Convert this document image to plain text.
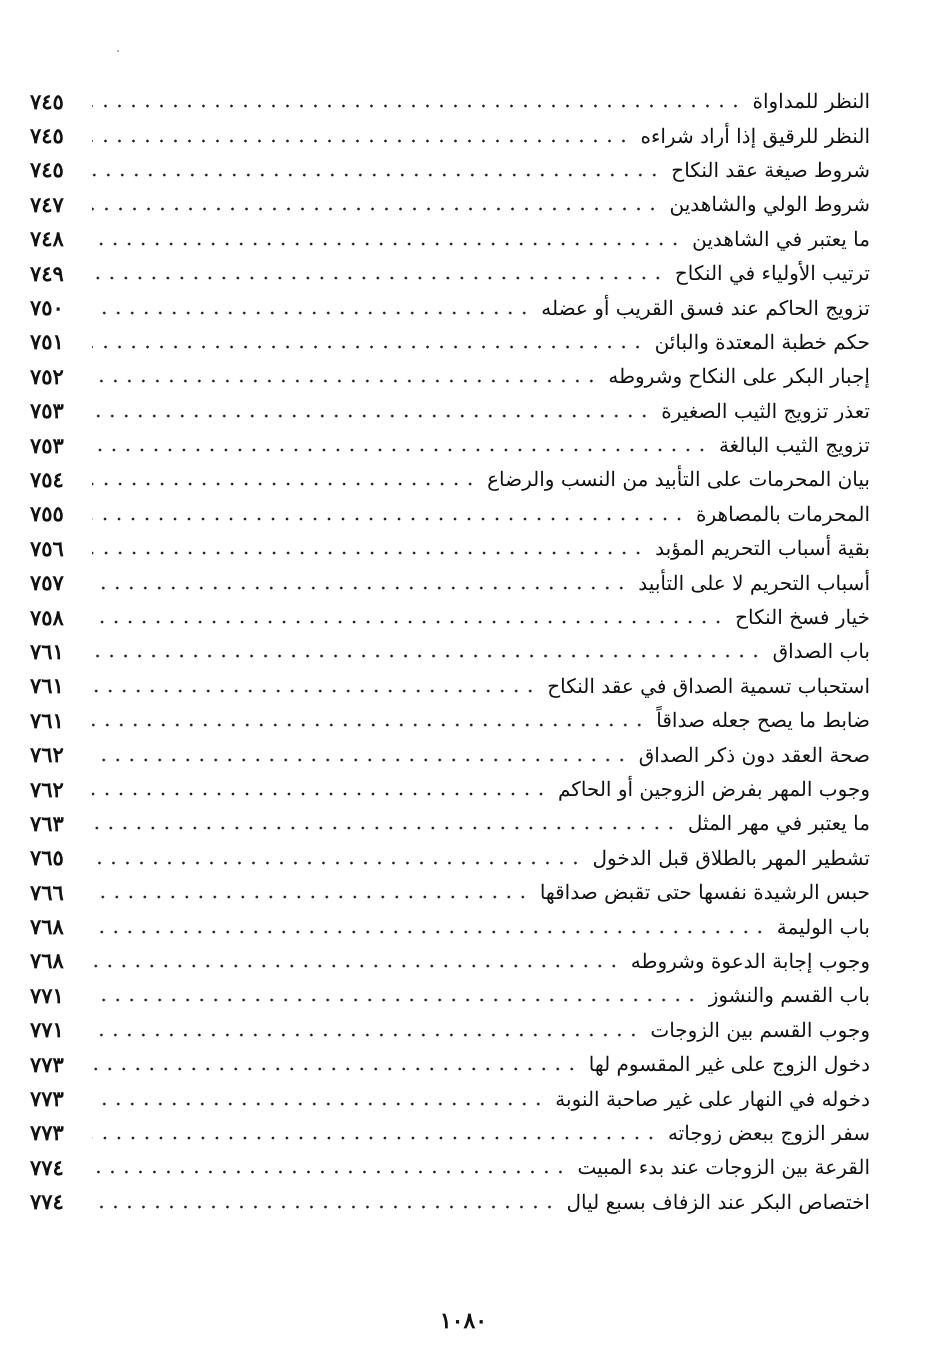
النظر للمداواة
٧٤٥
النظر للرقيق إذا أراد شراءه
٧٤٥
شروط صيغة عقد النكاح
٧٤٥
شروط الولي والشاهدين
٧٤٧
ما يعتبر في الشاهدين
٧٤٨
ترتيب الأولياء في النكاح
٧٤٩
تزويج الحاكم عند فسق القريب أو عضله
٧٥٠
حكم خطبة المعتدة والبائن
٧٥١
إجبار البكر على النكاح وشروطه
٧٥٢
تعذر تزويج الثيب الصغيرة
٧٥٣
تزويج الثيب البالغة
٧٥٣
بيان المحرمات على التأبيد من النسب والرضاع
٧٥٤
المحرمات بالمصاهرة
٧٥٥
بقية أسباب التحريم المؤبد
٧٥٦
أسباب التحريم لا على التأبيد
٧٥٧
خيار فسخ النكاح
٧٥٨
باب الصداق
٧٦١
استحباب تسمية الصداق في عقد النكاح
٧٦١
ضابط ما يصح جعله صداقاً
٧٦١
صحة العقد دون ذكر الصداق
٧٦٢
وجوب المهر بفرض الزوجين أو الحاكم
٧٦٢
ما يعتبر في مهر المثل
٧٦٣
تشطير المهر بالطلاق قبل الدخول
٧٦٥
حبس الرشيدة نفسها حتى تقبض صداقها
٧٦٦
باب الوليمة
٧٦٨
وجوب إجابة الدعوة وشروطه
٧٦٨
باب القسم والنشوز
٧٧١
وجوب القسم بين الزوجات
٧٧١
دخول الزوج على غير المقسوم لها
٧٧٣
دخوله في النهار على غير صاحبة النوبة
٧٧٣
سفر الزوج ببعض زوجاته
٧٧٣
القرعة بين الزوجات عند بدء المبيت
٧٧٤
اختصاص البكر عند الزفاف بسبع ليال
٧٧٤
١٠٨٠
